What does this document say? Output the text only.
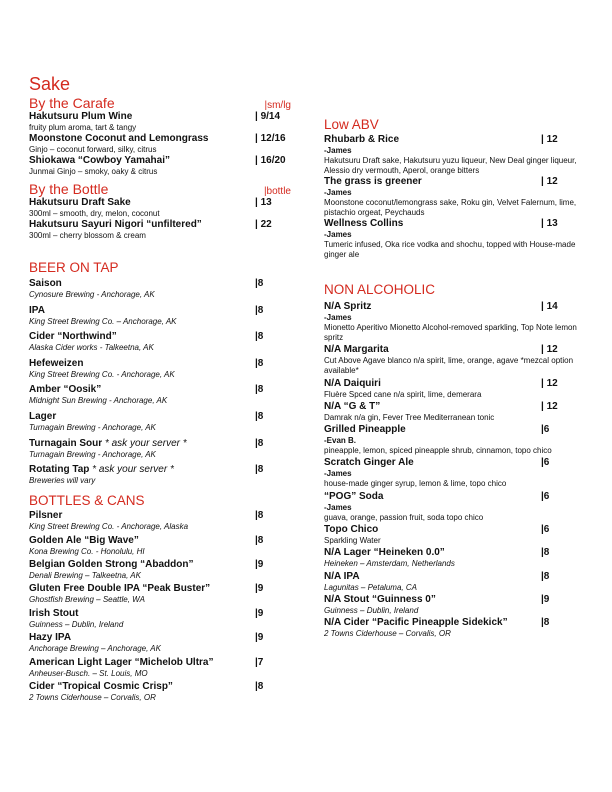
Sake
By the Carafe	|sm/lg
Hakutsuru Plum Wine	| 9/14
fruity plum aroma, tart & tangy
Moonstone Coconut and Lemongrass	| 12/16
Ginjo – coconut forward, silky, citrus
Shiokawa “Cowboy Yamahai”	| 16/20
Junmai Ginjo – smoky, oaky & citrus
By the Bottle	|bottle
Hakutsuru Draft Sake	| 13
300ml – smooth, dry, melon, coconut
Hakutsuru Sayuri Nigori “unfiltered”	| 22
300ml – cherry blossom & cream
BEER ON TAP
Saison	|8
Cynosure Brewing - Anchorage, AK
IPA	|8
King Street Brewing Co. – Anchorage, AK
Cider “Northwind”	|8
Alaska Cider works - Talkeetna, AK
Hefeweizen	|8
King Street Brewing Co. - Anchorage, AK
Amber “Oosik”	|8
Midnight Sun Brewing - Anchorage, AK
Lager	|8
Turnagain Brewing - Anchorage, AK
Turnagain Sour * ask your server *	|8
Turnagain Brewing - Anchorage, AK
Rotating Tap * ask your server *	|8
Breweries will vary
BOTTLES & CANS
Pilsner	|8
King Street Brewing Co. - Anchorage, Alaska
Golden Ale “Big Wave”	|8
Kona Brewing Co. - Honolulu, HI
Belgian Golden Strong “Abaddon”	|9
Denali Brewing – Talkeetna, AK
Gluten Free Double IPA “Peak Buster”	|9
Ghostfish Brewing – Seattle, WA
Irish Stout	|9
Guinness – Dublin, Ireland
Hazy IPA	|9
Anchorage Brewing – Anchorage, AK
American Light Lager “Michelob Ultra”	|7
Anheuser-Busch. – St. Louis, MO
Cider “Tropical Cosmic Crisp”	|8
2 Towns Ciderhouse – Corvalis, OR
Low ABV
Rhubarb & Rice	| 12
-James
Hakutsuru Draft sake, Hakutsuru yuzu liqueur, New Deal ginger liqueur, Alessio dry vermouth, Aperol, orange bitters
The grass is greener	| 12
-James
Moonstone coconut/lemongrass sake, Roku gin, Velvet Falernum, lime, pistachio orgeat, Peychauds
Wellness Collins	| 13
-James
Tumeric infused, Oka rice vodka and shochu, topped with House-made ginger ale
NON ALCOHOLIC
N/A Spritz	| 14
-James
Mionetto Aperitivo Mionetto Alcohol-removed sparkling, Top Note lemon spritz
N/A Margarita	| 12
Cut Above Agave blanco n/a spirit, lime, orange, agave *mezcal option available*
N/A Daiquiri	| 12
Fluère Spced cane n/a spirit, lime, demerara
N/A “G & T”	| 12
Damrak n/a gin, Fever Tree Mediterranean tonic
Grilled Pineapple	|6
-Evan B.
pineapple, lemon, spiced pineapple shrub, cinnamon, topo chico
Scratch Ginger Ale	|6
-James
house-made ginger syrup, lemon & lime, topo chico
“POG” Soda	|6
-James
guava, orange, passion fruit, soda topo chico
Topo Chico	|6
Sparkling Water
N/A Lager “Heineken 0.0”	|8
Heineken – Amsterdam, Netherlands
N/A IPA	|8
Lagunitas – Petaluma, CA
N/A Stout “Guinness 0”	|9
Guinness – Dublin, Ireland
N/A Cider “Pacific Pineapple Sidekick”	|8
2 Towns Ciderhouse – Corvalis, OR
